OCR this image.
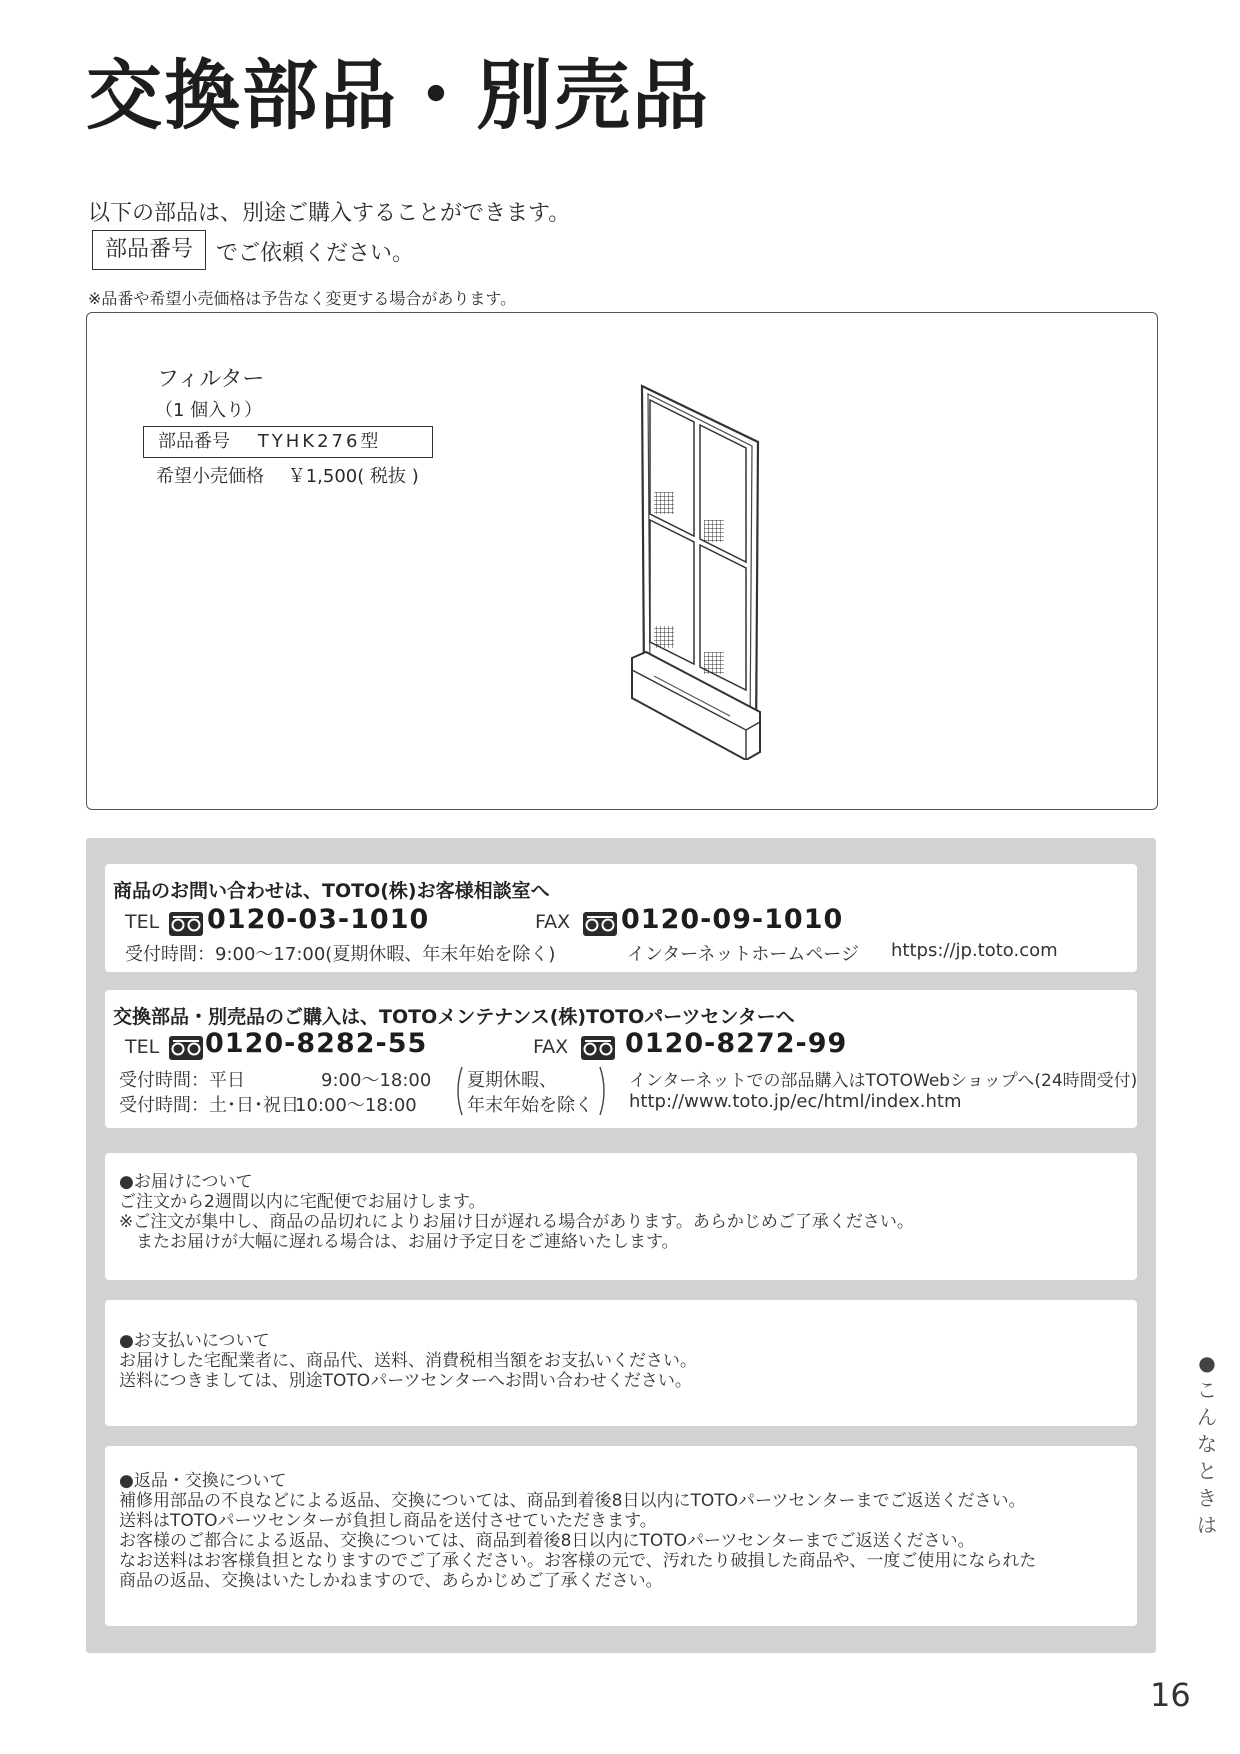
交換部品・別売品
以下の部品は、別途ご購入することができます。
部品番号	でご依頼ください。
※品番や希望小売価格は予告なく変更する場合があります。
フィルター
（1 個入り）
部品番号 TYHK276型
希望小売価格 ￥1,500( 税抜 )
商品のお問い合わせは、TOTO(株)お客様相談室へ
TEL 0120-03-1010	FAX 0120-09-1010
受付時間：9:00〜17:00(夏期休暇、年末年始を除く)	インターネットホームページ https://jp.toto.com
交換部品・別売品のご購入は、TOTOメンテナンス(株)TOTOパーツセンターへ
TEL 0120-8282-55	FAX 0120-8272-99
受付時間：平日	9:00〜18:00
受付時間：土･日･祝日
10:00〜18:00
夏期休暇、
年末年始を除く
インターネットでの部品購入はTOTOWebショップへ(24時間受付)
http://www.toto.jp/ec/html/index.htm
●お届けについて
ご注文から2週間以内に宅配便でお届けします。
※ご注文が集中し、商品の品切れによりお届け日が遅れる場合があります。あらかじめご了承ください。
　またお届けが大幅に遅れる場合は、お届け予定日をご連絡いたします。
●お支払いについて
お届けした宅配業者に、商品代、送料、消費税相当額をお支払いください。
送料につきましては、別途TOTOパーツセンターへお問い合わせください。
●返品・交換について
補修用部品の不良などによる返品、交換については、商品到着後8日以内にTOTOパーツセンターまでご返送ください。
送料はTOTOパーツセンターが負担し商品を送付させていただきます。
お客様のご都合による返品、交換については、商品到着後8日以内にTOTOパーツセンターまでご返送ください。
なお送料はお客様負担となりますのでご了承ください。お客様の元で、汚れたり破損した商品や、一度ご使用になられた
商品の返品、交換はいたしかねますので、あらかじめご了承ください。
●
こ
ん
な
と
き
は
16
